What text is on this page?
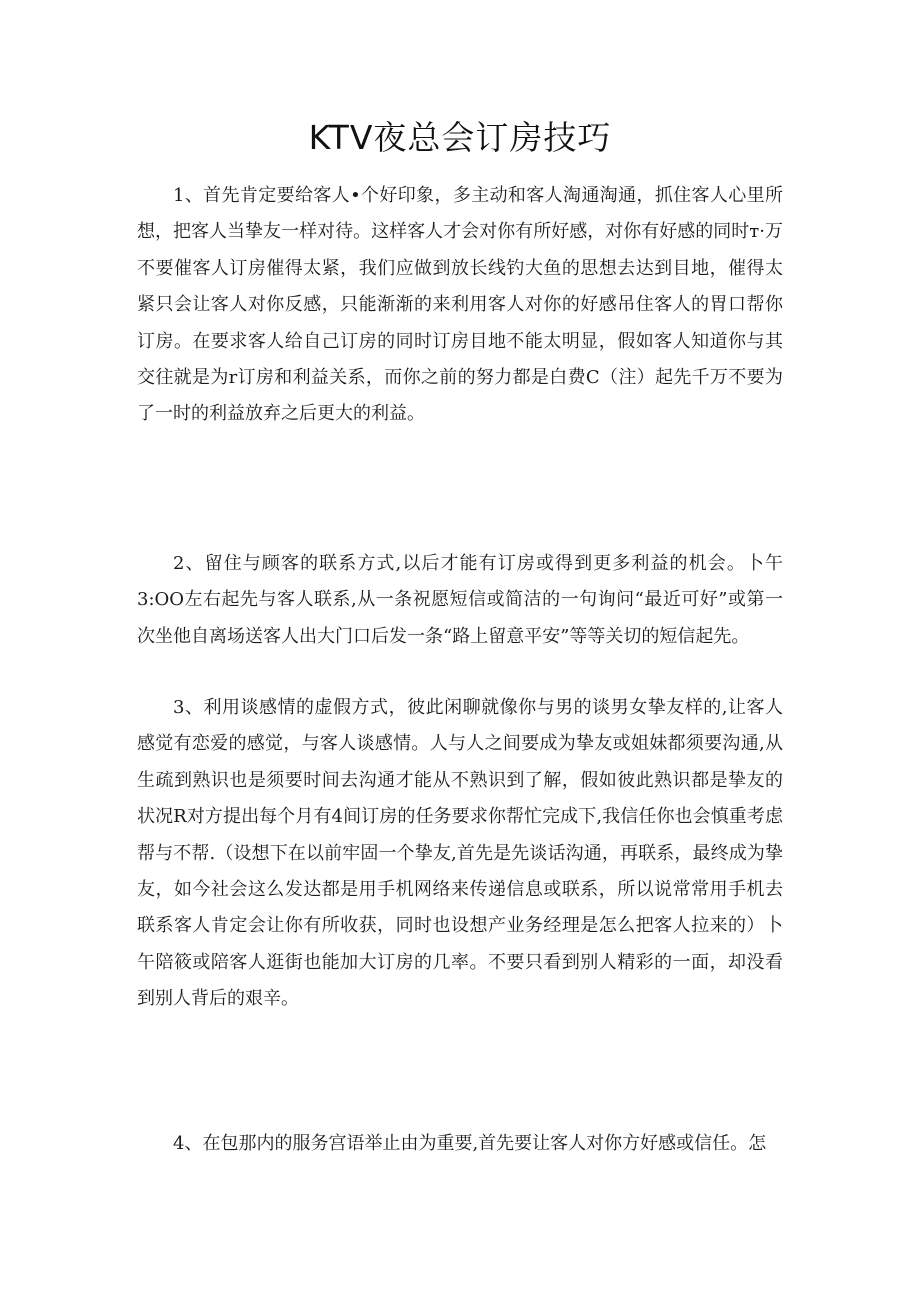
KTV夜总会订房技巧

1、首先肯定要给客人•个好印象，多主动和客人淘通淘通，抓住客人心里所想，把客人当挚友一样对待。这样客人才会对你有所好感，对你有好感的同时т·万不要催客人订房催得太紧，我们应做到放长线钓大鱼的思想去达到目地，催得太紧只会让客人对你反感，只能渐渐的来利用客人对你的好感吊住客人的胃口帮你订房。在要求客人给自己订房的同时订房目地不能太明显，假如客人知道你与其交往就是为r订房和利益关系，而你之前的努力都是白费C（注）起先千万不要为了一时的利益放弃之后更大的利益。

2、留住与顾客的联系方式,以后才能有订房或得到更多利益的机会。卜午3:OO左右起先与客人联系,从一条祝愿短信或简洁的一句询问“最近可好”或第一次坐他自离场送客人出大门口后发一条“路上留意平安”等等关切的短信起先。

3、利用谈感情的虚假方式，彼此闲聊就像你与男的谈男女挚友样的,让客人感觉有恋爱的感觉，与客人谈感情。人与人之间要成为挚友或姐妹都须要沟通,从生疏到熟识也是须要时间去沟通才能从不熟识到了解，假如彼此熟识都是挚友的状况R对方提出每个月有4间订房的任务要求你帮忙完成下,我信任你也会慎重考虑帮与不帮.（设想下在以前牢固一个挚友,首先是先谈话沟通，再联系，最终成为挚友，如今社会这么发达都是用手机网络来传递信息或联系，所以说常常用手机去联系客人肯定会让你有所收获，同时也设想产业务经理是怎么把客人拉来的）卜午陪筱或陪客人逛街也能加大订房的几率。不要只看到别人精彩的一面，却没看到别人背后的艰辛。

4、在包那内的服务宫语举止由为重要,首先要让客人对你方好感或信任。怎
